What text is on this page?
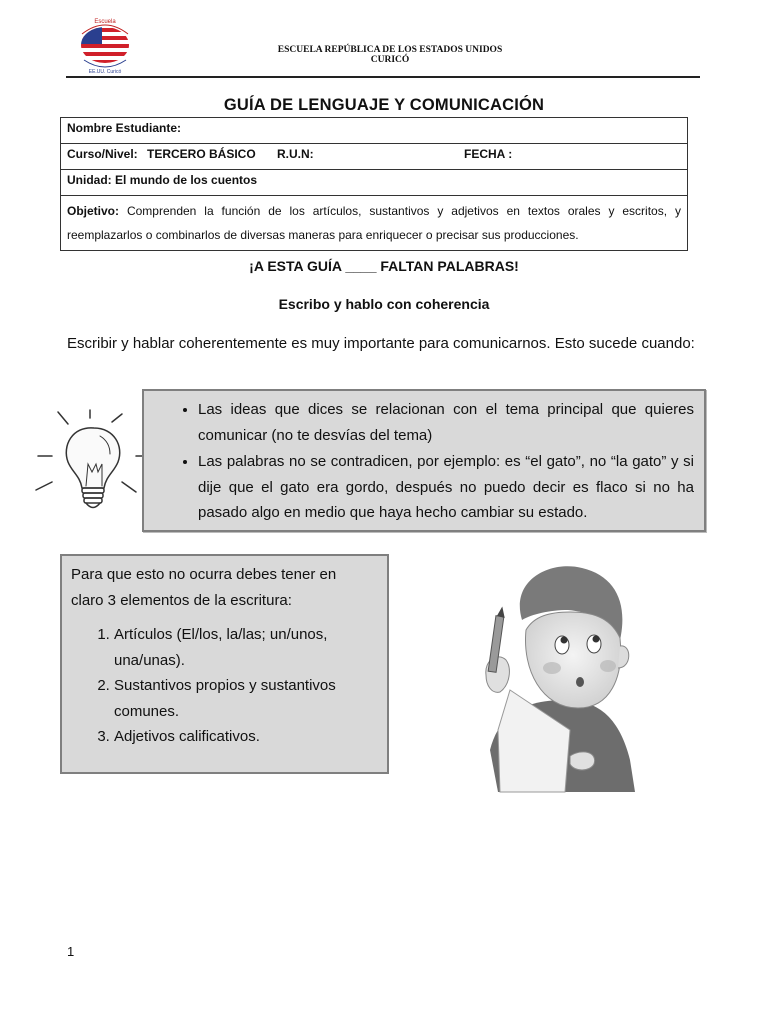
Escuela
EE.UU. Curicó
ESCUELA REPÚBLICA DE LOS ESTADOS UNIDOS
CURICÓ
GUÍA DE LENGUAJE Y COMUNICACIÓN
Nombre Estudiante:

Curso/Nivel: TERCERO BÁSICO	R.U.N:	FECHA :

Unidad: El mundo de los cuentos
Objetivo: Comprenden la función de los artículos, sustantivos y adjetivos en textos orales y escritos, y reemplazarlos o combinarlos de diversas maneras para enriquecer o precisar sus producciones.
¡A ESTA GUÍA ____ FALTAN PALABRAS!
Escribo y hablo con coherencia
Escribir y hablar coherentemente es muy importante para comunicarnos. Esto sucede cuando:
• Las ideas que dices se relacionan con el tema principal que quieres comunicar (no te desvías del tema)
• Las palabras no se contradicen, por ejemplo: es “el gato”, no “la gato” y si dije que el gato era gordo, después no puedo decir es flaco si no ha pasado algo en medio que haya hecho cambiar su estado.
Para que esto no ocurra debes tener en claro 3 elementos de la escritura:
1. Artículos (El/los, la/las; un/unos, una/unas).
2. Sustantivos propios y sustantivos comunes.
3. Adjetivos calificativos.
1
